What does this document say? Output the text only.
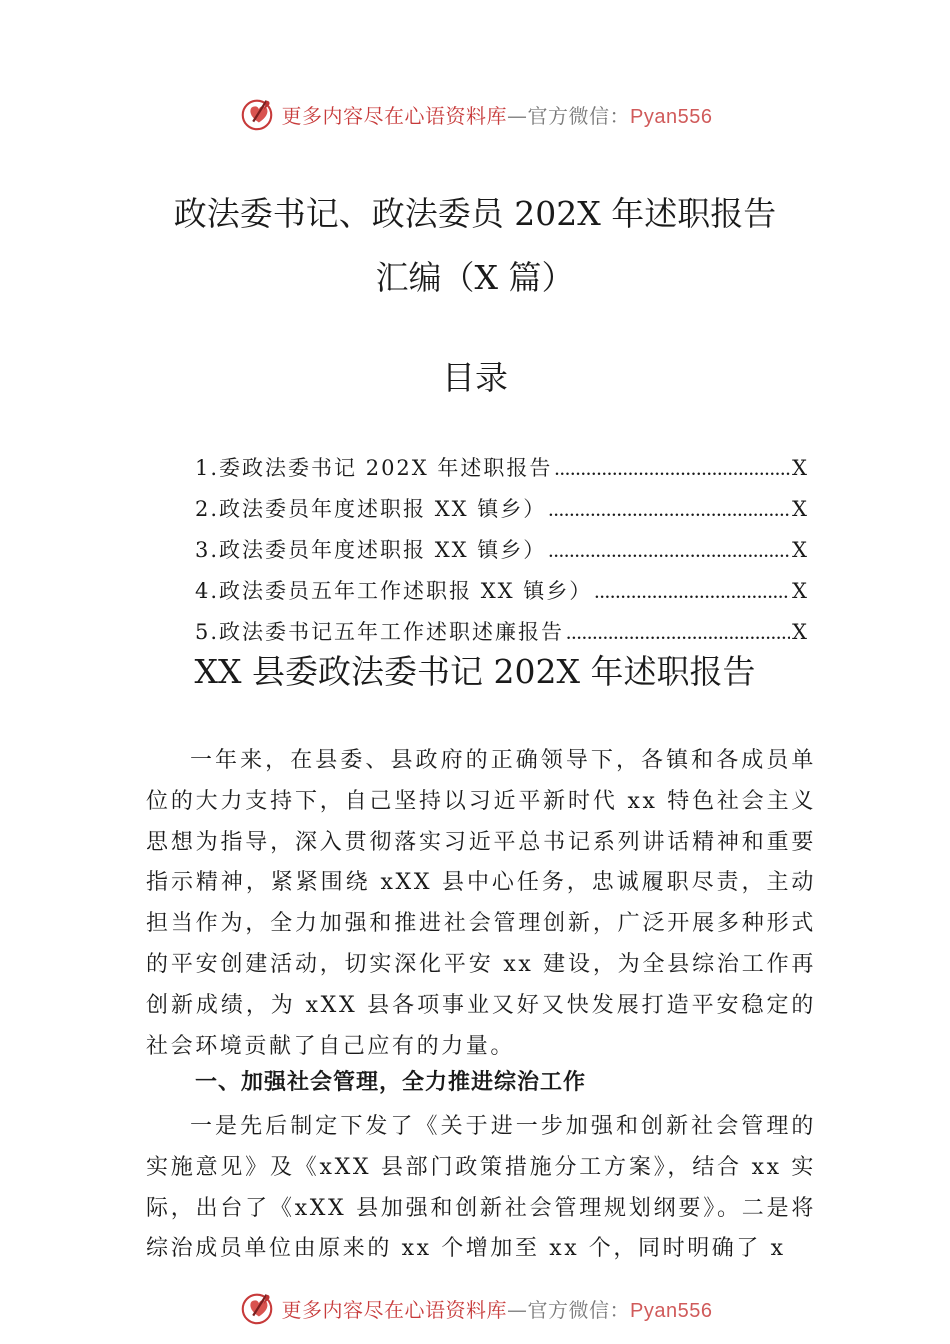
更多内容尽在心语资料库—官方微信：Pyan556
政法委书记、政法委员 202X 年述职报告
汇编（X 篇）
目录
1.委政法委书记 202X 年述职报告 .....	X
2.政法委员年度述职报 XX 镇乡） .....	X
3.政法委员年度述职报 XX 镇乡） .....	X
4.政法委员五年工作述职报 XX 镇乡） .....	X
5.政法委书记五年工作述职述廉报告 .....	X
XX 县委政法委书记 202X 年述职报告

一年来，在县委、县政府的正确领导下，各镇和各成员单位的大力支持下，自己坚持以习近平新时代 xx 特色社会主义思想为指导，深入贯彻落实习近平总书记系列讲话精神和重要指示精神，紧紧围绕 xXX 县中心任务，忠诚履职尽责，主动担当作为，全力加强和推进社会管理创新，广泛开展多种形式的平安创建活动，切实深化平安 xx 建设，为全县综治工作再创新成绩，为 xXX 县各项事业又好又快发展打造平安稳定的社会环境贡献了自己应有的力量。

一、加强社会管理，全力推进综治工作

一是先后制定下发了《关于进一步加强和创新社会管理的实施意见》及《xXX 县部门政策措施分工方案》，结合 xx 实际，出台了《xXX 县加强和创新社会管理规划纲要》。二是将综治成员单位由原来的 xx 个增加至 xx 个，同时明确了 x

更多内容尽在心语资料库—官方微信：Pyan556
